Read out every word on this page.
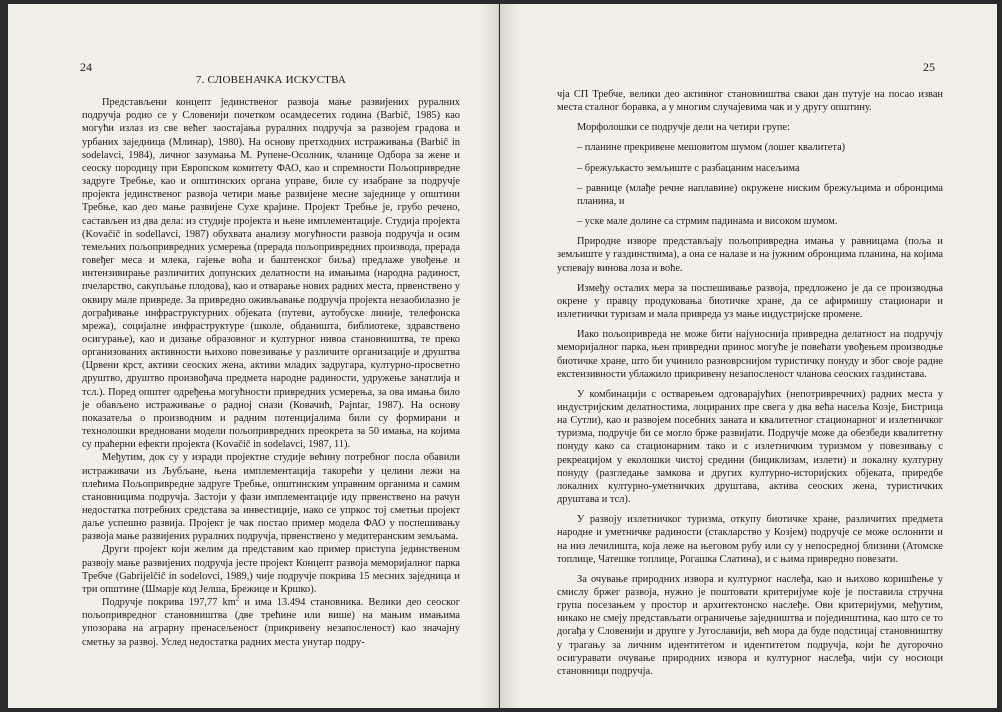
24
7. СЛОВЕНАЧКА ИСКУСТВА

Представљени концепт јединственог развоја мање развијених руралних подручја родио се у Словенији почетком осамдесетих година (Barbič, 1985) као могући излаз из све већег заостајања руралних подручја за развојем градова и урбаних заједница (Млинар), 1980). На основу претходних истраживања (Barbič in sodelavci, 1984), личног зазумања М. Рупене-Осолник, чланице Одбора за жене и сеоску породицу при Европском комитету ФАО, као и спремности Пољопривредне задруге Требње, као и општинских органа управе, биле су изабране за подручје пројекта јединственог развоја четири мање развијене месне заједнице у општини Требње, као део мање развијене Сухе крајине. Пројект Требње је, грубо речено, састављен из два дела: из студије пројекта и њене имплементације. Студија пројекта (Kovačič in sodellavci, 1987) обухвата анализу могућности развоја подручја и осим темељних пољопривредних усмерења (прерада пољопривредних производа, прерада говеђег меса и млека, гајење воћа и баштенског биља) предлаже увођење и интензивирање различитих допунских делатности на имањима (народна радиност, пчеларство, сакупљање плодова), као и отварање нових радних места, првенствено у оквиру мале привреде. За привредно оживљавање подручја пројекта незаобилазно је дограђивање инфраструктурних објеката (путеви, аутобуске линије, телефонска мрежа), социјалне инфраструктуре (школе, обданишта, библиотеке, здравствено осигурање), као и дизање образовног и културног нивоа становништва, те преко организованих активности њихово повезивање у различите организације и друштва (Црвени крст, активи сеоских жена, активи младих задругара, културно-просветно друштво, друштво произвођача предмета народне радиности, удружење занатлија и тсл.). Поред општег одређења могућности привредних усмерења, за ова имања било је обављено истраживање о радној снази (Ковачић, Pajntar, 1987). На основу показатеља о производним и радним потенцијалима били су формирани и технолошки вредновани модели пољопривредних преокрета за 50 имања, на којима су праћерни ефекти пројекта (Kovačič in sodelavci, 1987, 11).

Међутим, док су у изради пројектне студије већину потребног посла обавили истраживачи из Љубљане, њена имплементација такорећи у целини лежи на плећима Пољопривредне задруге Требње, општинским управним органима и самим становницима подручја. Застоји у фази имплементације иду првенствено на рачун недостатка потребних средстава за инвестиције, иако се упркос тој сметњи пројект даље успешно развија. Пројект је чак постао пример модела ФАО у поспешивању развоја мање развијених руралних подручја, првенствено у медитеранским земљама.

Други пројект који желим да представим као пример приступа јединственом развоју мање развијених подручја јесте пројект Концепт развоја меморијалног парка Требче (Gabrijelčič in sodelovci, 1989,) чије подручје покрива 15 месних заједница и три општине (Шмарје код Јелша, Брежице и Кршко).

Подручје покрива 197,77 $km^2$ и има 13.494 становника. Велики део сеоског пољопривредног становништва (две трећине или више) на мањим имањима упозорава на аграрну пренасељеност (прикривену незапосленост) као значајну сметњу за развој. Услед недостатка радних места унутар подру-

25

чја СП Требче, велики део активног становништва сваки дан путује на посао изван места сталног боравка, а у многим случајевима чак и у другу општину.

Морфолошки се подручје дели на четири групе:

– планине прекривене мешовитом шумом (лошег квалитета)

– брежуљкасто земљиште с разбацаним насељима

– равнице (млађе речне наплавине) окружене ниским брежуљцима и обронцима планина, и

– уске мале долине са стрмим падинама и високом шумом.

Природне изворе представљају пољопривредна имања у равницама (поља и земљиште у газдинствима), а она се налазе и на јужним обронцима планина, на којима успевају винова лоза и воће.

Између осталих мера за поспешивање развоја, предложено је да се производња окрене у правцу продуковања биотичке хране, да се афирмишу стационари и излетнички туризам и мала привреда уз мање индустријске промене.

Иако пољопривреда не може бити најуноснија привредна делатност на подручју меморијалног парка, њен привредни принос могуће је повећати увођењем производње биотичке хране, што би учинило разноврснијом туристичку понуду и због своје радне екстензивности ублажило прикривену незапосленост чланова сеоских газдинстава.

У комбинацији с остварењем одговарајућих (непотривречних) радних места у индустријским делатностима, лоцираних пре свега у два већа насеља Козје, Бистрица на Сутли), као и развојем посебних заната и квалитетног стационарног и излетничког туризма, подручје би се могло брже развијати. Подручје може да обезбеди квалитетну понуду како са стационарним тако и с излетничким туризмом у повезивању с рекреацијом у еколошки чистој средини (бициклизам, излети) и локалну културну понуду (разгледање замкова и других културно-историјских објеката, приредбе локалних културно-уметничких друштава, актива сеоских жена, туристичких друштава и тсл).

У развоју излетничког туризма, откупу биотичке хране, различитих предмета народне и уметничке радиности (стакларство у Козјем) подручје се може ослонити и на низ лечилишта, која леже на његовом рубу или су у непосредној близини (Атомске топлице, Чатешке топлице, Рогашка Слатина), и с њима привредно повезати.

За очување природних извора и културног наслеђа, као и њихово коришћење у смислу бржег развоја, нужно је поштовати критеријуме које је поставила стручна група посезањем у простор и архитектонско наслеђе. Ови критеријуми, међутим, никако не смеју представљати ограничење заједништва и појединштина, као што се то догађа у Словенији и друпге у Југославији, већ мора да буде подстицај становништву у трагању за личним идентитетом и идентитетом подручја, који ће дугорочно осигуравати очување природних извора и културног наслеђа, чији су носиоци становници подручја.
